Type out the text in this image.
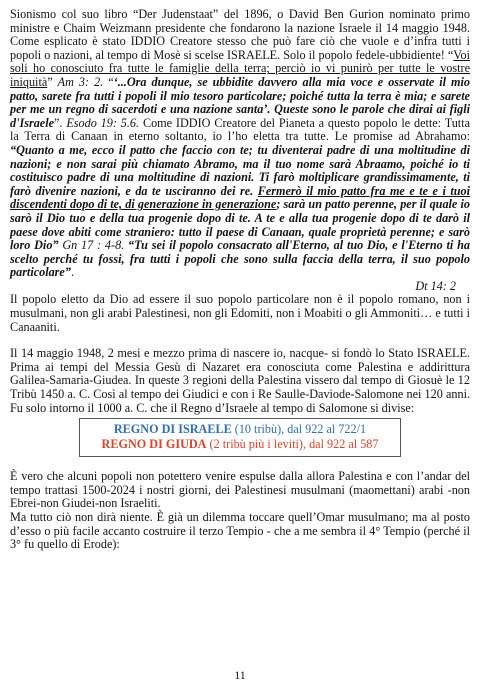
Sionismo col suo libro “Der Judenstaat” del 1896, o David Ben Gurion nominato primo ministre e Chaim Weizmann presidente che fondarono la nazione Israele il 14 maggio 1948. Come esplicato è stato IDDIO Creatore stesso che può fare ciò che vuole e d’infra tutti i popoli o nazioni, al tempo di Mosè si scelse ISRAELE. Solo il popolo fedele-ubbidiente! “Voi soli ho conosciuto fra tutte le famiglie della terra; perciò io vi punirò per tutte le vostre iniquità” Am 3: 2. “‘...Ora dunque, se ubbidite davvero alla mia voce e osservate il mio patto, sarete fra tutti i popoli il mio tesoro particolare; poiché tutta la terra è mia; e sarete per me un regno di sacerdoti e una nazione santa’. Queste sono le parole che dirai ai figli d'Israele”. Esodo 19: 5.6. Come IDDIO Creatore del Pianeta a questo popolo le dette: Tutta la Terra di Canaan in eterno soltanto, io l’ho eletta tra tutte. Le promise ad Abrahamo: “Quanto a me, ecco il patto che faccio con te; tu diventerai padre di una moltitudine di nazioni; e non sarai più chiamato Abramo, ma il tuo nome sarà Abraamo, poiché io ti costituisco padre di una moltitudine di nazioni. Ti farò moltiplicare grandissimamente, ti farò divenire nazioni, e da te usciranno dei re. Fermerò il mio patto fra me e te e i tuoi discendenti dopo di te, di generazione in generazione; sarà un patto perenne, per il quale io sarò il Dio tuo e della tua progenie dopo di te. A te e alla tua progenie dopo di te darò il paese dove abiti come straniero: tutto il paese di Canaan, quale proprietà perenne; e sarò loro Dio” Gn 17 : 4-8. “Tu sei il popolo consacrato all'Eterno, al tuo Dio, e l'Eterno ti ha scelto perché tu fossi, fra tutti i popoli che sono sulla faccia della terra, il suo popolo particolare”.
Dt 14: 2

Il popolo eletto da Dio ad essere il suo popolo particolare non è il popolo romano, non i musulmani, non gli arabi Palestinesi, non gli Edomiti, non i Moabiti o gli Ammoniti… e tutti i Canaaniti.

Il 14 maggio 1948, 2 mesi e mezzo prima di nascere io, nacque- si fondò lo Stato ISRAELE. Prima ai tempi del Messia Gesù di Nazaret era conosciuta come Palestina e addirittura Galilea-Samaria-Giudea. In queste 3 regioni della Palestina vissero dal tempo di Giosuè le 12 Tribù 1450 a. C. Così al tempo dei Giudici e con i Re Saulle-Daviode-Salomone nei 120 anni. Fu solo intorno il 1000 a. C. che il Regno d’Israele al tempo di Salomone si divise:

REGNO DI ISRAELE (10 tribù), dal 922 al 722/1
REGNO DI GIUDA (2 tribù più i leviti), dal 922 al 587

È vero che alcuni popoli non potettero venire espulse dalla allora Palestina e con l’andar del tempo trattasi 1500-2024 i nostri giorni, dei Palestinesi musulmani (maomettani) arabi -non Ebrei-non Giudei-non Israeliti.

Ma tutto ciò non dirà niente. È già un dilemma toccare quell’Omar musulmano; ma al posto d’esso o più facile accanto costruire il terzo Tempio - che a me sembra il 4° Tempio (perché il 3° fu quello di Erode):

11
